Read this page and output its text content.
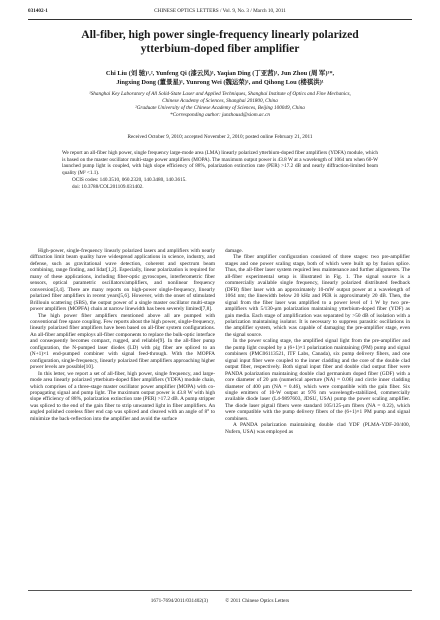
031402-1	CHINESE OPTICS LETTERS / Vol. 9, No. 3 / March 10, 2011
All-fiber, high power single-frequency linearly polarized
ytterbium-doped fiber amplifier
Chi Liu (刘 驰)¹,², Yunfeng Qi (漆云凤)¹, Yaqian Ding (丁亚茜)¹, Jun Zhou (周 军)¹*,
Jingxing Dong (董景星)¹, Yunrong Wei (魏运荣)¹, and Qihong Lou (楼祺洪)¹
¹Shanghai Key Laboratory of All Solid-State Laser and Applied Techniques, Shanghai Institute of Optics and Fine Mechanics,
Chinese Academy of Sciences, Shanghai 201800, China
²Graduate University of the Chinese Academy of Sciences, Beijing 100049, China
*Corresponding author: junzhousd@siom.ac.cn
Received October 9, 2010; accepted November 2, 2010; posted online February 21, 2011

We report an all-fiber high power, single frequency large-mode area (LMA) linearly polarized ytterbium-doped fiber amplifiers (YDFA) module, which is based on the master oscillator multi-stage power amplifiers (MOPA). The maximum output power is 43.8 W at a wavelength of 1064 nm when 60-W launched pump light is coupled, with high slope efficiency of 88%, polarization extinction rate (PER) >17.2 dB and nearly diffraction-limited beam quality (M² <1.1).

OCIS codes: 140.3510, 060.2320, 140.3480, 140.3615.

doi: 10.3788/COL201109.031402.

High-power, single-frequency linearly polarized lasers and amplifiers with nearly diffraction limit beam quality have widespread applications in science, industry, and defense, such as gravitational wave detection, coherent and spectrum beam combining, range finding, and lidar[1,2]. Especially, linear polarization is required for many of these applications, including fiber-optic gyroscopes, interferometric fiber sensors, optical parametric oscillators/amplifiers, and nonlinear frequency conversion[3,4]. There are many reports on high-power single-frequency, linearly polarized fiber amplifiers in recent years[5,6]. However, with the onset of stimulated Brillouin scattering (SBS), the output power of a single master oscillator multi-stage power amplifiers (MOPFA) chain at narrow linewidth has been severely limited[7,8].

The high power fiber amplifiers mentioned above all are pumped with conventional free space coupling. Few reports about the high power, single-frequency, linearly polarized fiber amplifiers have been based on all-fiber system configurations. An all-fiber amplifier employs all-fiber components to replace the bulk-optic interface and consequently becomes compact, rugged, and reliable[9]. In the all-fiber pump configuration, the N-pumped laser diodes (LD) with pig fiber are spliced to an (N+1)×1 end-pumped combiner with signal feed-through. With the MOPFA configuration, single-frequency, linearly polarized fiber amplifiers approaching higher power levels are possible[10].

In this letter, we report a set of all-fiber, high power, single frequency, and large-mode area linearly polarized ytterbium-doped fiber amplifiers (YDFA) module chain, which comprises of a three-stage master oscillator power amplifier (MOPA) with co-propagating signal and pump light. The maximum output power is 43.8 W with high slope efficiency of 88%, polarization extinction rate (PER) >17.2 dB. A pump stripper was spliced to the end of the gain fiber to strip unwanted light in fiber amplifiers. An angled polished coreless fiber end cap was spliced and cleaved with an angle of 8° to minimize the back-reflection into the amplifier and avoid the surface

damage.

The fiber amplifier configuration consisted of three stages: two pre-amplifier stages and one power scaling stage, both of which were built up by fusion splice. Thus, the all-fiber laser system required less maintenance and further alignments. The all-fiber experimental setup is illustrated in Fig. 1. The signal source is a commercially available single frequency, linearly polarized distributed feedback (DFB) fiber laser with an approximately 10-mW output power at a wavelength of 1064 nm; the linewidth below 20 kHz and PER is approximately 20 dB. Then, the signal from the fiber laser was amplified to a power level of 1 W by two pre-amplifiers with 5/130-μm polarization maintaining ytterbium-doped fiber (YDF) as gain media. Each stage of amplification was separated by >50 dB of isolation with a polarization maintaining isolator. It is necessary to suppress parasitic oscillations in the amplifier system, which was capable of damaging the pre-amplifier stage, even the signal source.

In the power scaling stage, the amplified signal light from the pre-amplifier and the pump light coupled by a (6+1)×1 polarization maintaining (PM) pump and signal combiners (PMC06113521, ITF Labs, Canada), six pump delivery fibers, and one signal input fiber were coupled to the inner cladding and the core of the double clad output fiber, respectively. Both signal input fiber and double clad output fiber were PANDA polarization maintaining double clad germanium doped fiber (GDF) with a core diameter of 20 μm (numerical aperture (NA) = 0.06) and circle inner cladding diameter of 400 μm (NA = 0.46), which were compatible with the gain fiber. Six single emitters of 10-W output at 976 nm wavelength-stabilized, commercially available diode laser (L4-9897603, JDSU, USA) pump the power scaling amplifier. The diode laser pigtail fibers were standard 105/125-μm fibers (NA = 0.22), which were compatible with the pump delivery fibers of the (6+1)×1 PM pump and signal combiners.

A PANDA polarization maintaining double clad YDF (PLMA-YDF-20/400, Nufern, USA) was employed as

1671-7694/2011/031402(3)	© 2011 Chinese Optics Letters
